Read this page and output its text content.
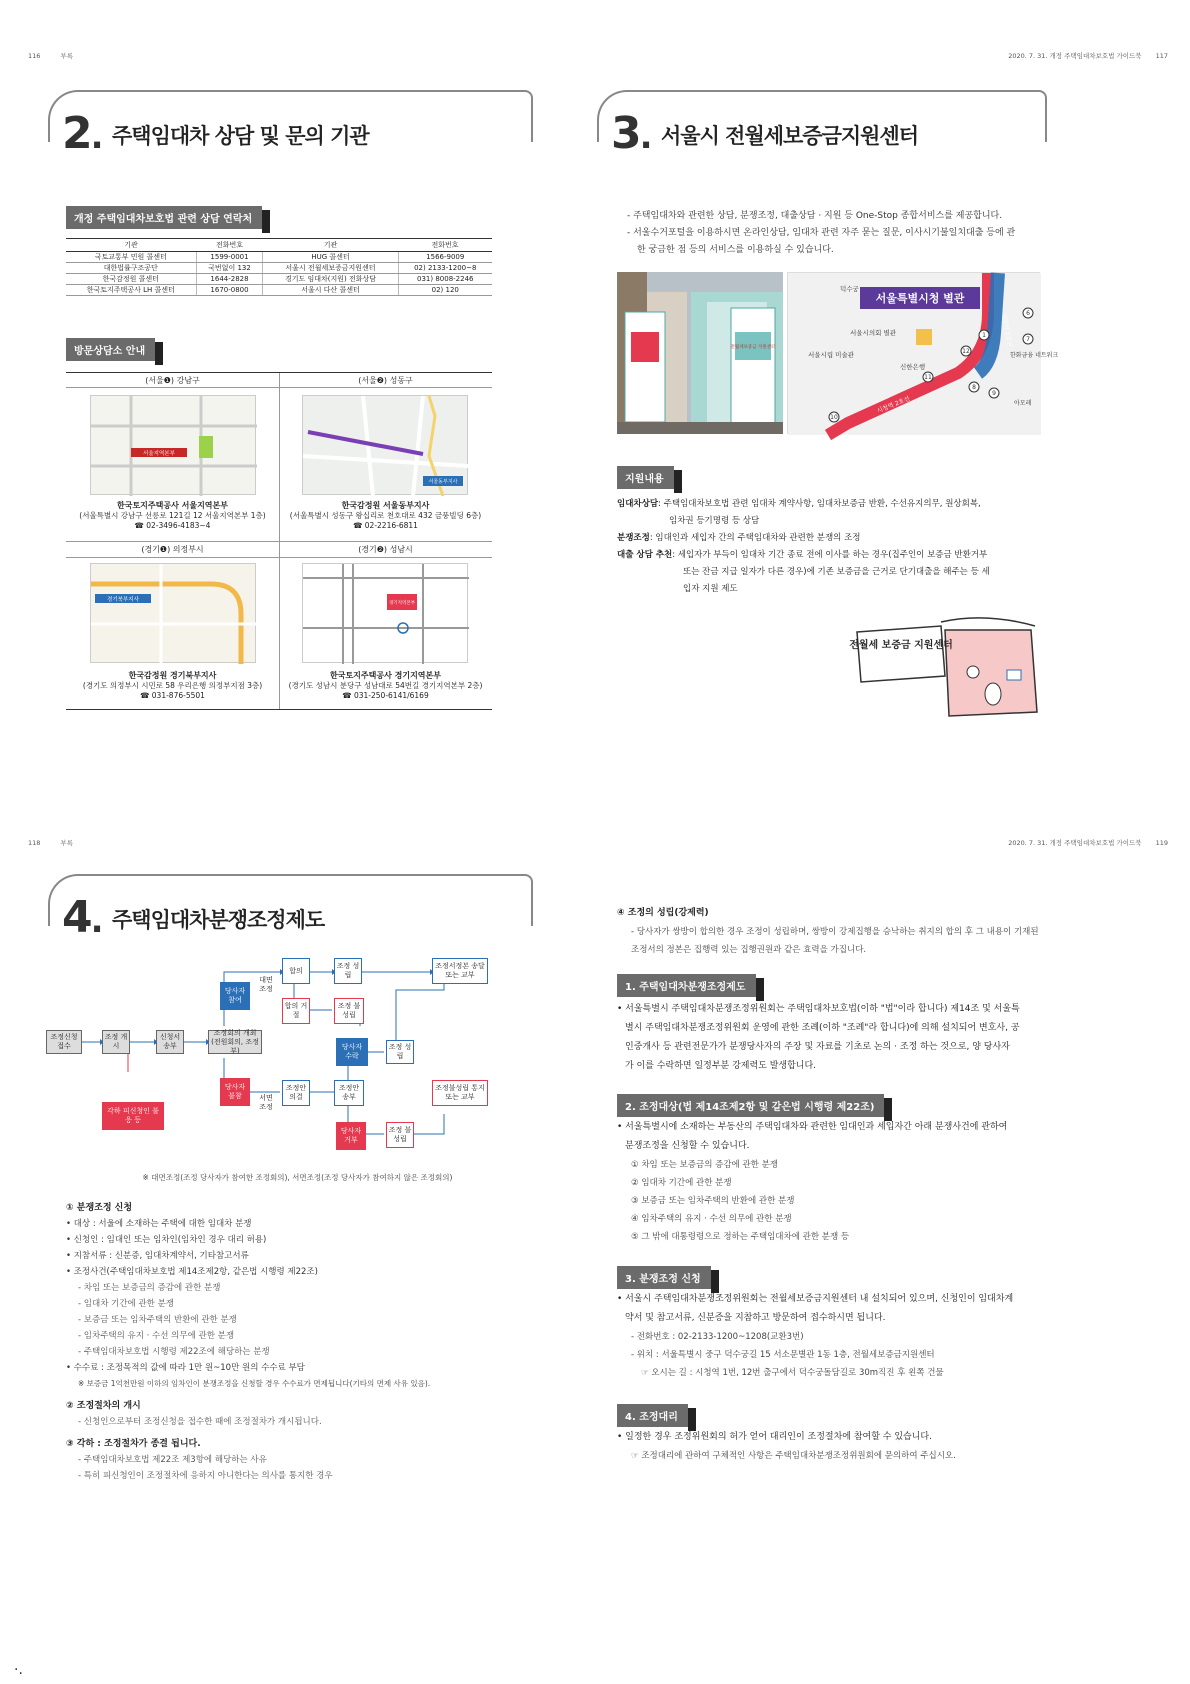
116	부록
2. 주택임대차 상담 및 문의 기관
개정 주택임대차보호법 관련 상담 연락처
기관	전화번호	기관	전화번호
국토교통부 민원 콜센터	1599-0001	HUG 콜센터	1566-9009
대한법률구조공단	국번없이 132	서울시 전월세보증금지원센터	02) 2133-1200~8
한국감정원 콜센터	1644-2828	경기도 임대차(지원) 전화상담	031) 8008-2246
한국토지주택공사 LH 콜센터	1670-0800	서울시 다산 콜센터	02) 120
방문상담소 안내
(서울❶) 강남구
서울지역본부
한국토지주택공사 서울지역본부
(서울특별시 강남구 선릉로 121길 12 서울지역본부 1층)
☎ 02-3496-4183~4
(서울❷) 성동구
서울동부지사
한국감정원 서울동부지사
(서울특별시 성동구 왕십리로 천호대로 432 금풍빌딩 6층)
☎ 02-2216-6811
(경기❶) 의정부시
경기북부지사
한국감정원 경기북부지사
(경기도 의정부시 시민로 58 우리은행 의정부지점 3층)
☎ 031-876-5501
(경기❷) 성남시
경기지역본부
한국토지주택공사 경기지역본부
(경기도 성남시 분당구 성남대로 54번길 경기지역본부 2층)
☎ 031-250-6141/6169
2020. 7. 31. 개정 주택임대차보호법 가이드북 117
3. 서울시 전월세보증금지원센터
- 주택임대차와 관련한 상담, 분쟁조정, 대출상담 · 지원 등 One-Stop 종합서비스를 제공합니다.
- 서울수거포털을 이용하시면 온라인상담, 임대차 관련 자주 묻는 질문, 이사시기불일치대출 등에 관
한 궁금한 점 등의 서비스를 이용하실 수 있습니다.
전월세보증금 지원센터
서울특별시청 별관
덕수궁
서울시의회 별관
서울시립 미술관
신한은행
한화금융 네트워크
아모레
시청역 1호선
시청역 2호선
1
6
7
8
9
10
11
12
지원내용
임대차상담: 주택임대차보호법 관련 임대차 계약사항, 임대차보증금 반환, 수선유지의무, 원상회복,
임차권 등기명령 등 상담
분쟁조정: 임대인과 세입자 간의 주택임대차와 관련한 분쟁의 조정
대출 상담 추천: 세입자가 부득이 임대차 기간 종료 전에 이사를 하는 경우(집주인이 보증금 반환거부
또는 잔금 지급 일자가 다른 경우)에 기존 보증금을 근거로 단기대출을 해주는 등 세
입자 지원 제도
전월세 보증금 지원센터
118	부록
4. 주택임대차분쟁조정제도
조정신청 접수
조정 개시
신청서 송부
조정회의 개최 (전원회의, 조정부)
당사자 참여
대면 조정
합의
조정 성립
조정서정본 송달 또는 교부
합의 거절
조정 불성립
당사자 수락
조정 성립
당사자 불참	서면 조정
조정안 의결
조정안 송부
조정불성립 통지 또는 교부
당사자 거부
조정 불성립
각하 피신청인 불응 등
※ 대면조정(조정 당사자가 참여한 조정회의), 서면조정(조정 당사자가 참여하지 않은 조정회의)
① 분쟁조정 신청
• 대상 : 서울에 소재하는 주택에 대한 임대차 분쟁
• 신청인 : 임대인 또는 임차인(임차인 경우 대리 허용)
• 지참서류 : 신분증, 임대차계약서, 기타참고서류
• 조정사건(주택임대차보호법 제14조제2항, 같은법 시행령 제22조)
- 차임 또는 보증금의 증감에 관한 분쟁
- 임대차 기간에 관한 분쟁
- 보증금 또는 임차주택의 반환에 관한 분쟁
- 임차주택의 유지 · 수선 의무에 관한 분쟁
- 주택임대차보호법 시행령 제22조에 해당하는 분쟁
• 수수료 : 조정목적의 값에 따라 1만 원~10만 원의 수수료 부담
※ 보증금 1억천만원 이하의 임차인이 분쟁조정을 신청할 경우 수수료가 면제됩니다(기타의 면제 사유 있음).
② 조정절차의 개시
- 신청인으로부터 조정신청을 접수한 때에 조정절차가 개시됩니다.
③ 각하 : 조정절차가 종결 됩니다.
- 주택임대차보호법 제22조 제3항에 해당하는 사유
- 특히 피신청인이 조정절차에 응하지 아니한다는 의사를 통지한 경우
·.
2020. 7. 31. 개정 주택임대차보호법 가이드북 119
④ 조정의 성립(강제력)
- 당사자가 쌍방이 합의한 경우 조정이 성립하며, 쌍방이 강제집행을 승낙하는 취지의 합의 후 그 내용이 기재된
조정서의 정본은 집행력 있는 집행권원과 같은 효력을 가집니다.
1. 주택임대차분쟁조정제도
• 서울특별시 주택임대차분쟁조정위원회는 주택임대차보호법(이하 "법"이라 합니다) 제14조 및 서울특
별시 주택임대차분쟁조정위원회 운영에 관한 조례(이하 "조례"라 합니다)에 의해 설치되어 변호사, 공
인중개사 등 관련전문가가 분쟁당사자의 주장 및 자료를 기초로 논의 · 조정 하는 것으로, 양 당사자
가 이를 수락하면 일정부분 강제력도 발생합니다.
2. 조정대상(법 제14조제2항 및 같은법 시행령 제22조)
• 서울특별시에 소재하는 부동산의 주택임대차와 관련한 임대인과 세입자간 아래 분쟁사건에 관하여
분쟁조정을 신청할 수 있습니다.
① 차임 또는 보증금의 증감에 관한 분쟁
② 임대차 기간에 관한 분쟁
③ 보증금 또는 임차주택의 반환에 관한 분쟁
④ 임차주택의 유지 · 수선 의무에 관한 분쟁
⑤ 그 밖에 대통령령으로 정하는 주택임대차에 관한 분쟁 등
3. 분쟁조정 신청
• 서울시 주택임대차분쟁조정위원회는 전월세보증금지원센터 내 설치되어 있으며, 신청인이 임대차계
약서 및 참고서류, 신분증을 지참하고 방문하여 접수하시면 됩니다.
- 전화번호 : 02-2133-1200~1208(교환3번)
- 위치 : 서울특별시 중구 덕수궁길 15 서소문별관 1동 1층, 전월세보증금지원센터
☞ 오시는 길 : 시청역 1번, 12번 출구에서 덕수궁돌담길로 30m직진 후 왼쪽 건물
4. 조정대리
• 일정한 경우 조정위원회의 허가 얻어 대리인이 조정절차에 참여할 수 있습니다.
☞ 조정대리에 관하여 구체적인 사항은 주택임대차분쟁조정위원회에 문의하여 주십시오.
